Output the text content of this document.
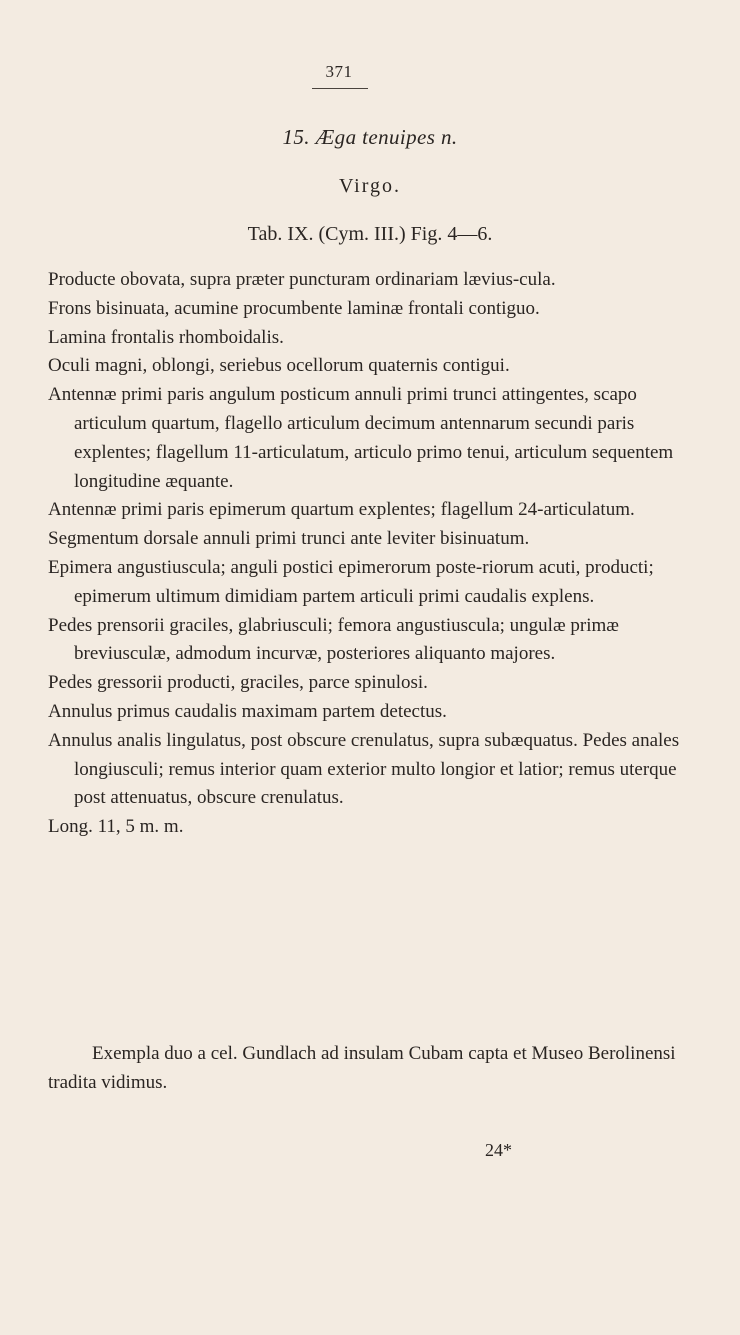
371
15. Æga tenuipes n.
Virgo.
Tab. IX. (Cym. III.) Fig. 4—6.
Producte obovata, supra præter puncturam ordinariam lævius-cula.
Frons bisinuata, acumine procumbente laminæ frontali contiguo.
Lamina frontalis rhomboidalis.
Oculi magni, oblongi, seriebus ocellorum quaternis contigui.
Antennæ primi paris angulum posticum annuli primi trunci attingentes, scapo articulum quartum, flagello articulum decimum antennarum secundi paris explentes; flagellum 11-articulatum, articulo primo tenui, articulum sequentem longitudine æquante.
Antennæ primi paris epimerum quartum explentes; flagellum 24-articulatum.
Segmentum dorsale annuli primi trunci ante leviter bisinuatum.
Epimera angustiuscula; anguli postici epimerorum poste-riorum acuti, producti; epimerum ultimum dimidiam partem articuli primi caudalis explens.
Pedes prensorii graciles, glabriusculi; femora angustiuscula; ungulæ primæ breviusculæ, admodum incurvæ, posteriores aliquanto majores.
Pedes gressorii producti, graciles, parce spinulosi.
Annulus primus caudalis maximam partem detectus.
Annulus analis lingulatus, post obscure crenulatus, supra subæquatus. Pedes anales longiusculi; remus interior quam exterior multo longior et latior; remus uterque post attenuatus, obscure crenulatus.
Long. 11, 5 m. m.
Exempla duo a cel. Gundlach ad insulam Cubam capta et Museo Berolinensi tradita vidimus.
24*
